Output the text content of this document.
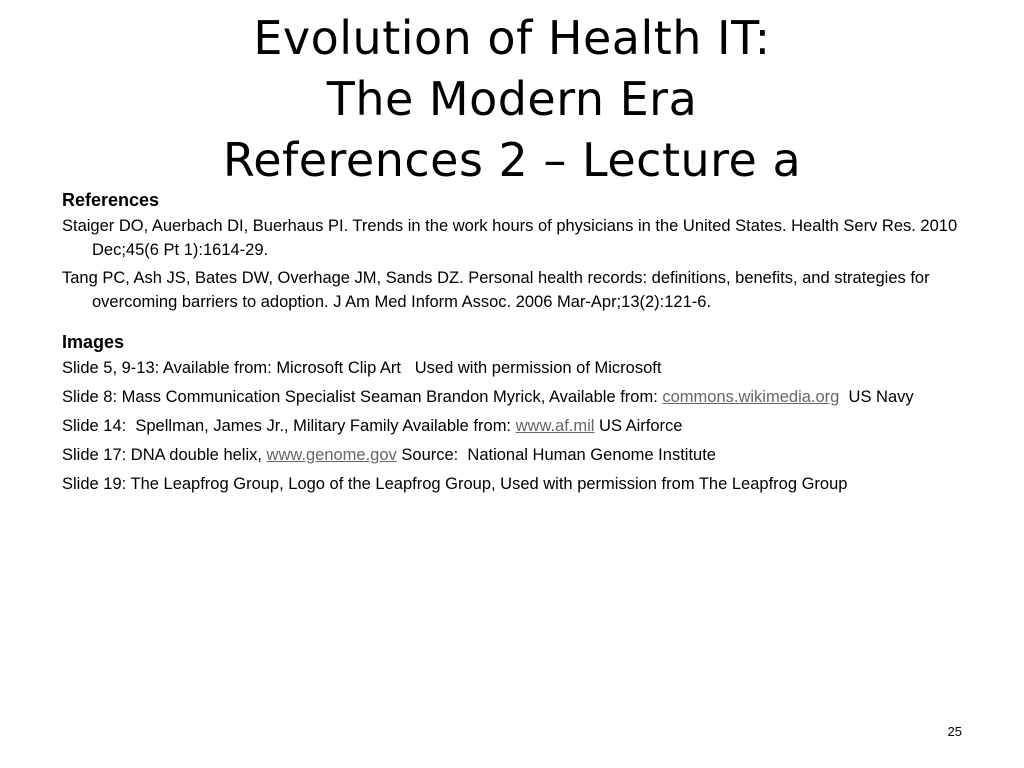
Evolution of Health IT:
The Modern Era
References 2 – Lecture a
References

Staiger DO, Auerbach DI, Buerhaus PI. Trends in the work hours of physicians in the United States. Health Serv Res. 2010 Dec;45(6 Pt 1):1614-29.

Tang PC, Ash JS, Bates DW, Overhage JM, Sands DZ. Personal health records: definitions, benefits, and strategies for overcoming barriers to adoption. J Am Med Inform Assoc. 2006 Mar-Apr;13(2):121-6.

Images

Slide 5, 9-13: Available from: Microsoft Clip Art   Used with permission of Microsoft

Slide 8: Mass Communication Specialist Seaman Brandon Myrick, Available from: commons.wikimedia.org  US Navy

Slide 14:  Spellman, James Jr., Military Family Available from: www.af.mil US Airforce

Slide 17: DNA double helix, www.genome.gov Source:  National Human Genome Institute

Slide 19: The Leapfrog Group, Logo of the Leapfrog Group, Used with permission from The Leapfrog Group

25
